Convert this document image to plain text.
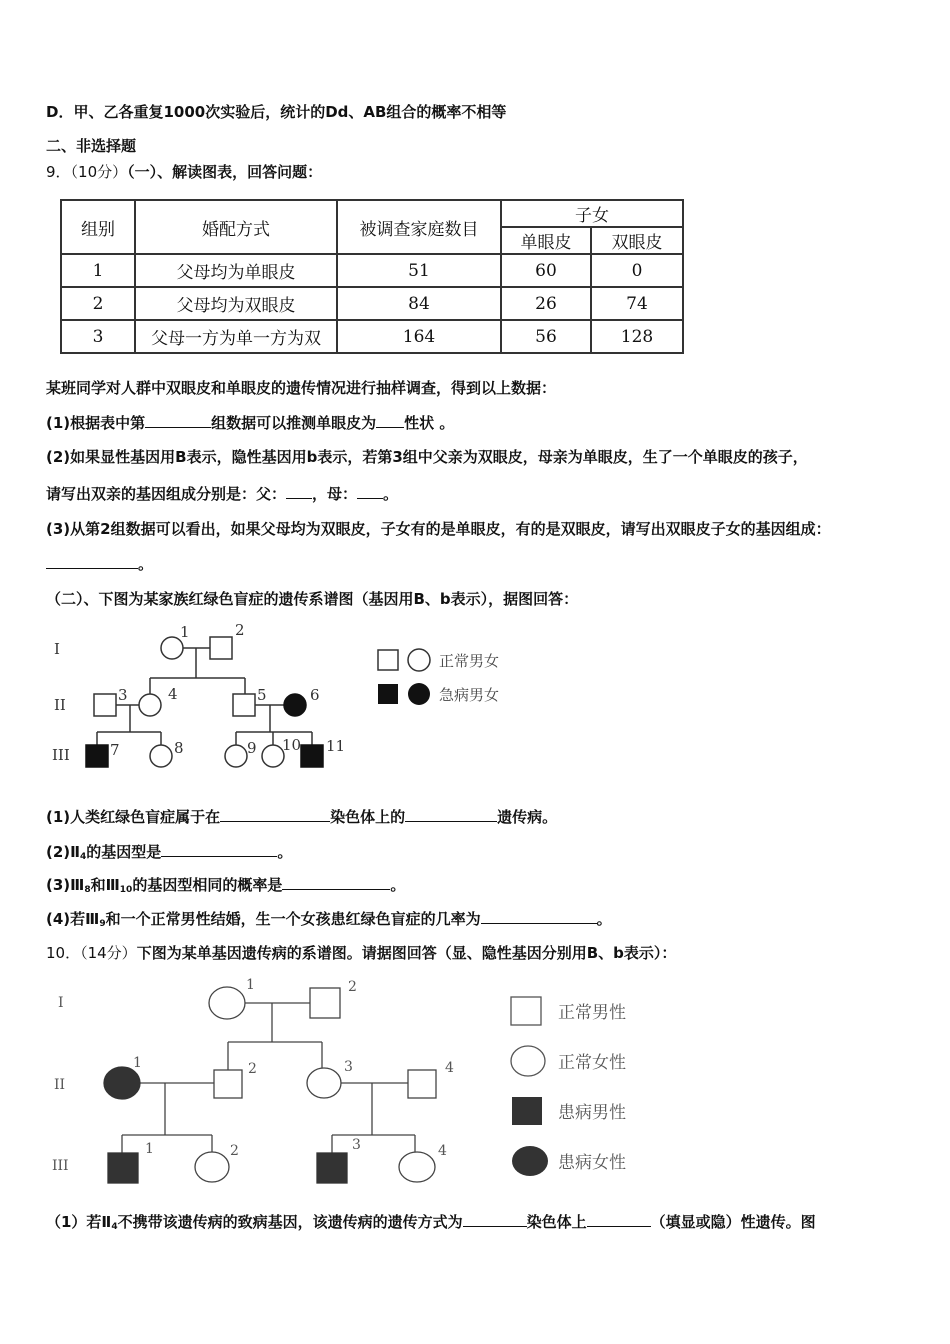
D．甲、乙各重复1000次实验后，统计的Dd、AB组合的概率不相等
二、非选择题
9．（10分）（一）、解读图表，回答问题：
组别	婚配方式	被调查家庭数目	子女	
			单眼皮	双眼皮
1	父母均为单眼皮	51	60	0
2	父母均为双眼皮	84	26	74
3	父母一方为单一方为双	164	56	128
某班同学对人群中双眼皮和单眼皮的遗传情况进行抽样调查，得到以上数据：
(1)根据表中第	组数据可以推测单眼皮为 性状 。
(2)如果显性基因用B表示，隐性基因用b表示，若第3组中父亲为双眼皮，母亲为单眼皮，生了一个单眼皮的孩子，
请写出双亲的基因组成分别是：父： ，母： 。
(3)从第2组数据可以看出，如果父母均为双眼皮，子女有的是单眼皮，有的是双眼皮，请写出双眼皮子女的基因组成：
。
（二）、下图为某家族红绿色盲症的遗传系谱图（基因用B、b表示），据图回答：
I
II
III
1	2
3	4	5	6
7	8	9 10 11
正常男女
急病男女
(1)人类红绿色盲症属于在	染色体上的	遗传病。
$(2)Ⅱ_4$的基因型是	。
$(3)Ⅲ_8$和$Ⅲ_{10}$的基因型相同的概率是	。
(4)若$Ⅲ_9$和一个正常男性结婚，生一个女孩患红绿色盲症的几率为	。
10．（14分）下图为某单基因遗传病的系谱图。请据图回答（显、隐性基因分别用B、b表示）：
I
II
III
1	2
1	2	3	4
1	2	3	4
正常男性
正常女性
患病男性
患病女性
（1）若$Ⅱ_4$不携带该遗传病的致病基因，该遗传病的遗传方式为	染色体上	（填显或隐）性遗传。图
